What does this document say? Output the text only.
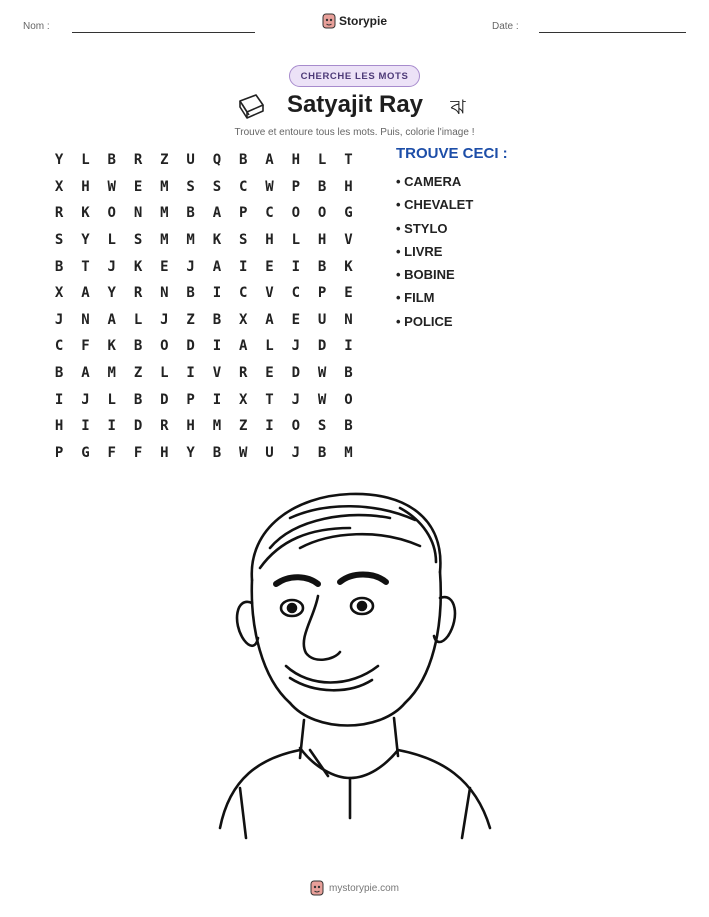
Nom :	Storypie	Date :
CHERCHE LES MOTS
Satyajit Ray	ঝ
Trouve et entoure tous les mots. Puis, colorie l'image !
Y	L	B	R	Z	U	Q	B	A	H	L	T
X	H	W	E	M	S	S	C	W	P	B	H
R	K	O	N	M	B	A	P	C	O	O	G
S	Y	L	S	M	M	K	S	H	L	H	V
B	T	J	K	E	J	A	I	E	I	B	K
X	A	Y	R	N	B	I	C	V	C	P	E
J	N	A	L	J	Z	B	X	A	E	U	N
C	F	K	B	O	D	I	A	L	J	D	I
B	A	M	Z	L	I	V	R	E	D	W	B
I	J	L	B	D	P	I	X	T	J	W	O
H	I	I	D	R	H	M	Z	I	O	S	B
P	G	F	F	H	Y	B	W	U	J	B	M
TROUVE CECI :
• CAMERA
• CHEVALET
• STYLO
• LIVRE
• BOBINE
• FILM
• POLICE
mystorypie.com
